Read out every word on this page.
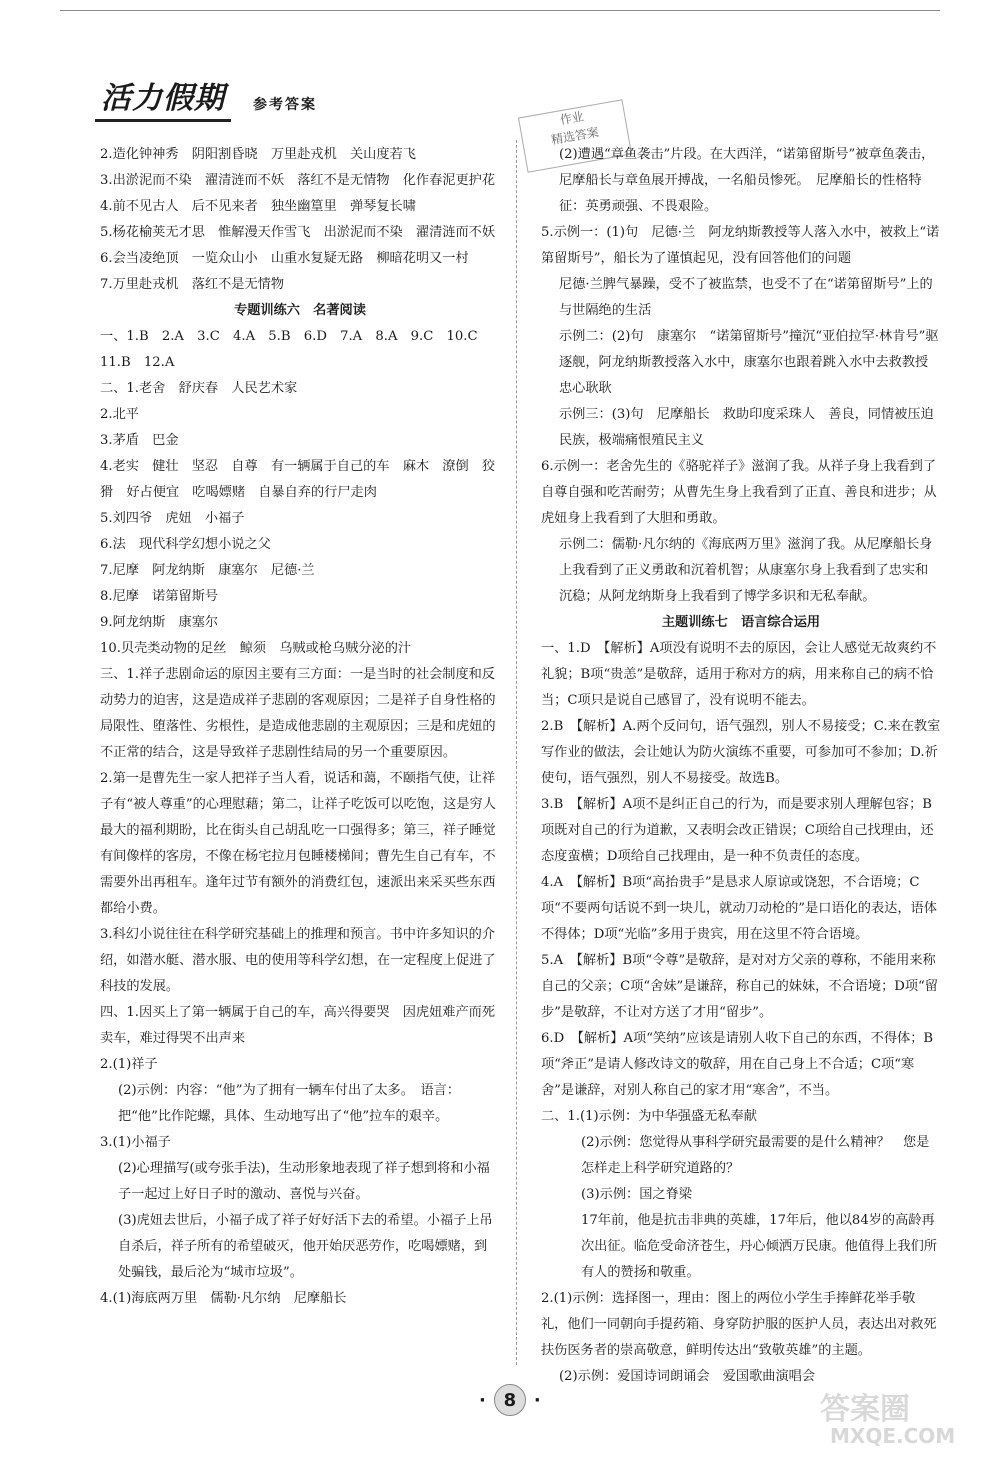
活力假期	参考答案
作业
精选答案
2.造化钟神秀　阴阳割昏晓　万里赴戎机　关山度若飞
3.出淤泥而不染　濯清涟而不妖　落红不是无情物　化作春泥更护花
4.前不见古人　后不见来者　独坐幽篁里　弹琴复长啸
5.杨花榆荚无才思　惟解漫天作雪飞　出淤泥而不染　濯清涟而不妖
6.会当凌绝顶　一览众山小　山重水复疑无路　柳暗花明又一村
7.万里赴戎机　落红不是无情物
专题训练六　名著阅读
一、1.B　2.A　3.C　4.A　5.B　6.D　7.A　8.A　9.C　10.C
11.B　12.A
二、1.老舍　舒庆春　人民艺术家
2.北平
3.茅盾　巴金
4.老实　健壮　坚忍　自尊　有一辆属于自己的车　麻木　潦倒　狡猾　好占便宜　吃喝嫖赌　自暴自弃的行尸走肉
5.刘四爷　虎妞　小福子
6.法　现代科学幻想小说之父
7.尼摩　阿龙纳斯　康塞尔　尼德·兰
8.尼摩　诺第留斯号
9.阿龙纳斯　康塞尔
10.贝壳类动物的足丝　鲸须　乌贼或枪乌贼分泌的汁
三、1.祥子悲剧命运的原因主要有三方面：一是当时的社会制度和反动势力的迫害，这是造成祥子悲剧的客观原因；二是祥子自身性格的局限性、堕落性、劣根性，是造成他悲剧的主观原因；三是和虎妞的不正常的结合，这是导致祥子悲剧性结局的另一个重要原因。
2.第一是曹先生一家人把祥子当人看，说话和蔼，不颐指气使，让祥子有“被人尊重”的心理慰藉；第二，让祥子吃饭可以吃饱，这是穷人最大的福利期盼，比在街头自己胡乱吃一口强得多；第三，祥子睡觉有间像样的客房，不像在杨宅拉月包睡楼梯间；曹先生自己有车，不需要外出再租车。逢年过节有额外的消费红包，速派出来采买些东西都给小费。
3.科幻小说往往在科学研究基础上的推理和预言。书中许多知识的介绍，如潜水艇、潜水服、电的使用等科学幻想，在一定程度上促进了科技的发展。
四、1.因买上了第一辆属于自己的车，高兴得要哭　因虎妞难产而死卖车，难过得哭不出声来
2.(1)祥子
(2)示例：内容：“他”为了拥有一辆车付出了太多。　语言：把“他”比作陀螺，具体、生动地写出了“他”拉车的艰辛。
3.(1)小福子
(2)心理描写(或夸张手法)，生动形象地表现了祥子想到将和小福子一起过上好日子时的激动、喜悦与兴奋。
(3)虎妞去世后，小福子成了祥子好好活下去的希望。小福子上吊自杀后，祥子所有的希望破灭，他开始厌恶劳作，吃喝嫖赌，到处骗钱，最后沦为“城市垃圾”。
4.(1)海底两万里　儒勒·凡尔纳　尼摩船长
(2)遭遇“章鱼袭击”片段。在大西洋，“诺第留斯号”被章鱼袭击，尼摩船长与章鱼展开搏战，一名船员惨死。　尼摩船长的性格特征：英勇顽强、不畏艰险。
5.示例一：(1)句　尼德·兰　阿龙纳斯教授等人落入水中，被救上“诺第留斯号”，船长为了谨慎起见，没有回答他们的问题
尼德·兰脾气暴躁，受不了被监禁，也受不了在“诺第留斯号”上的与世隔绝的生活
示例二：(2)句　康塞尔　“诺第留斯号”撞沉“亚伯拉罕·林肯号”驱逐舰，阿龙纳斯教授落入水中，康塞尔也跟着跳入水中去救教授　忠心耿耿
示例三：(3)句　尼摩船长　救助印度采珠人　善良，同情被压迫民族，极端痛恨殖民主义
6.示例一：老舍先生的《骆驼祥子》滋润了我。从祥子身上我看到了自尊自强和吃苦耐劳；从曹先生身上我看到了正直、善良和进步；从虎妞身上我看到了大胆和勇敢。
示例二：儒勒·凡尔纳的《海底两万里》滋润了我。从尼摩船长身上我看到了正义勇敢和沉着机智；从康塞尔身上我看到了忠实和沉稳；从阿龙纳斯身上我看到了博学多识和无私奉献。
主题训练七　语言综合运用
一、1.D　【解析】A项没有说明不去的原因，会让人感觉无故爽约不礼貌；B项“贵恙”是敬辞，适用于称对方的病，用来称自己的病不恰当；C项只是说自己感冒了，没有说明不能去。
2.B　【解析】A.两个反问句，语气强烈，别人不易接受；C.来在教室写作业的做法，会让她认为防火演练不重要，可参加可不参加；D.祈使句，语气强烈，别人不易接受。故选B。
3.B　【解析】A项不是纠正自己的行为，而是要求别人理解包容；B项既对自己的行为道歉，又表明会改正错误；C项给自己找理由，还态度蛮横；D项给自己找理由，是一种不负责任的态度。
4.A　【解析】B项“高抬贵手”是恳求人原谅或饶恕，不合语境；C项“不要两句话说不到一块儿，就动刀动枪的”是口语化的表达，语体不得体；D项“光临”多用于贵宾，用在这里不符合语境。
5.A　【解析】B项“令尊”是敬辞，是对对方父亲的尊称，不能用来称自己的父亲；C项“舍妹”是谦辞，称自己的妹妹，不合语境；D项“留步”是敬辞，不让对方送了才用“留步”。
6.D　【解析】A项“笑纳”应该是请别人收下自己的东西，不得体；B项“斧正”是请人修改诗文的敬辞，用在自己身上不合适；C项“寒舍”是谦辞，对别人称自己的家才用“寒舍”，不当。
二、1.(1)示例：为中华强盛无私奉献
(2)示例：您觉得从事科学研究最需要的是什么精神？　您是怎样走上科学研究道路的？
(3)示例：国之脊梁
17年前，他是抗击非典的英雄，17年后，他以84岁的高龄再次出征。临危受命济苍生，丹心倾洒万民康。他值得上我们所有人的赞扬和敬重。
2.(1)示例：选择图一，理由：图上的两位小学生手捧鲜花举手敬礼，他们一同朝向手提药箱、身穿防护服的医护人员，表达出对救死扶伤医务者的崇高敬意，鲜明传达出“致敬英雄”的主题。
(2)示例：爱国诗词朗诵会　爱国歌曲演唱会
· 8 ·	答案圈
MXQE.COM
